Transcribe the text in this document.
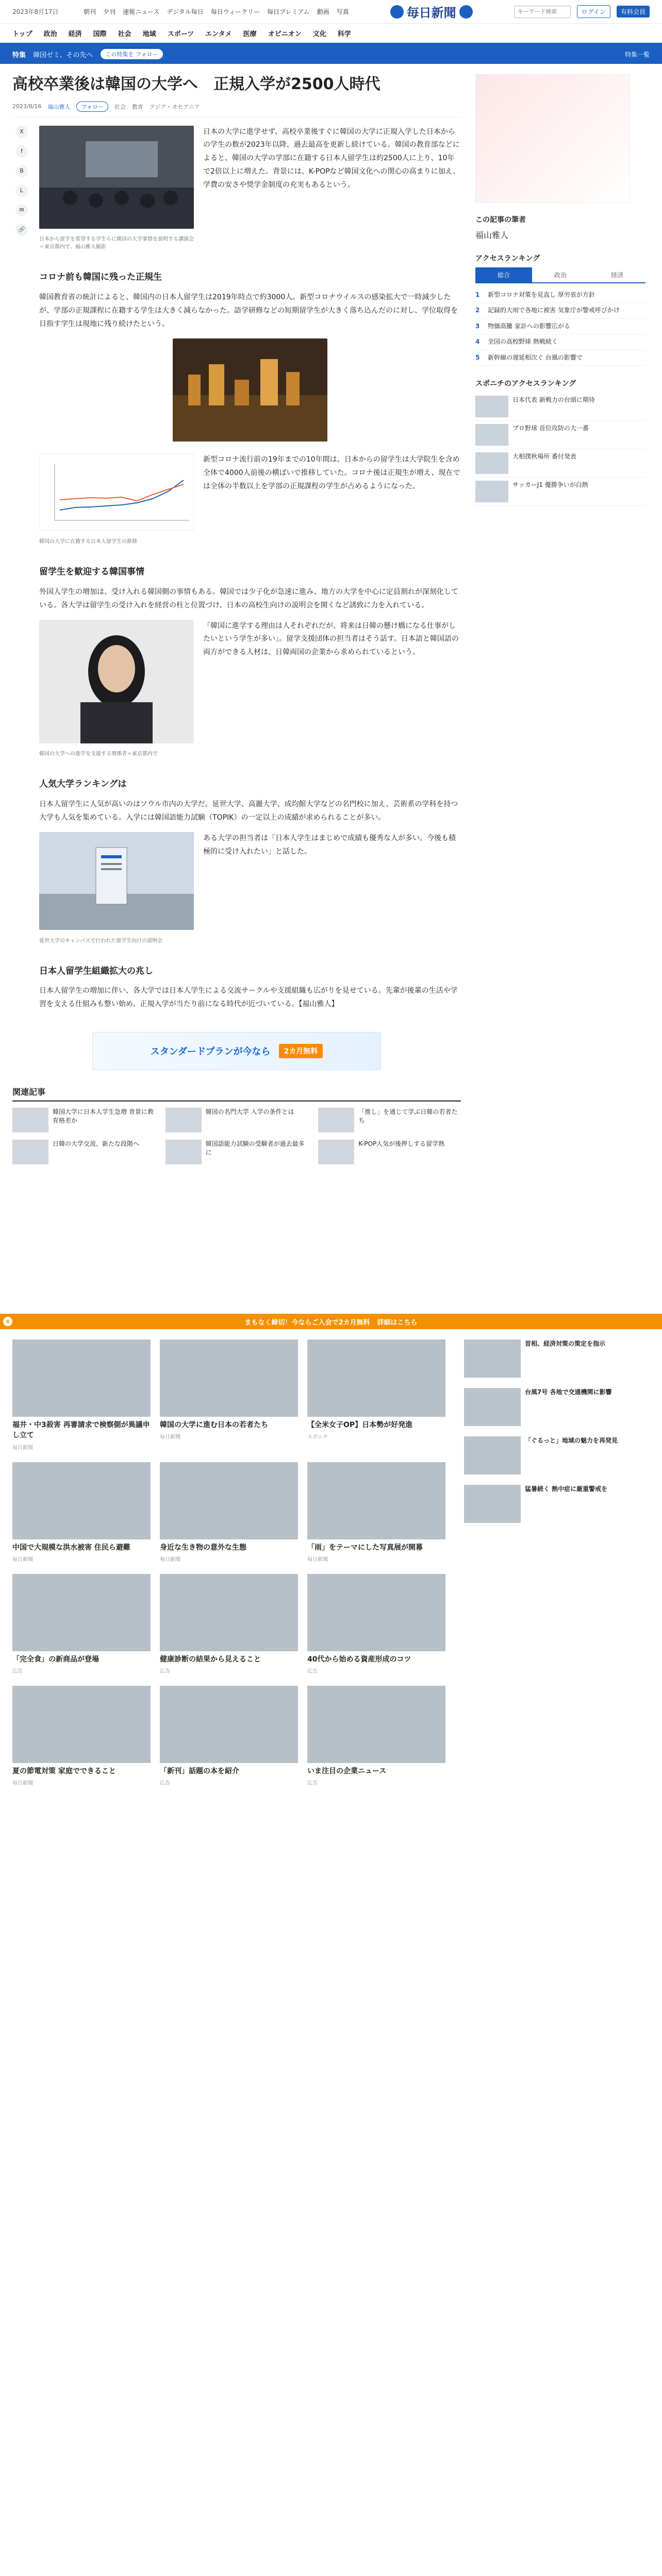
2023年8月17日	朝刊 夕刊 速報ニュース デジタル毎日 毎日ウィークリー 毎日プレミアム 動画 写真	毎日新聞
キーワード検索	ログイン	有料会員
トップ 政治 経済 国際 社会 地域 スポーツ エンタメ 医療 オピニオン 文化 科学
特集 韓国ゼミ、その先へ	この特集を フォロー	特集一覧
高校卒業後は韓国の大学へ　正規入学が2500人時代
2023/8/16 福山雅人	フォロー	社会 教育 アジア・オセアニア
X
f
B
L
✉
🔗
日本から留学を希望する学生らに韓国の大学事情を説明する講演会＝東京都内で、福山雅人撮影

日本の大学に進学せず、高校卒業後すぐに韓国の大学に正規入学した日本からの学生の数が2023年以降、過去最高を更新し続けている。韓国の教育部などによると、韓国の大学の学部に在籍する日本人留学生は約2500人に上り、10年で2倍以上に増えた。背景には、K-POPなど韓国文化への関心の高まりに加え、学費の安さや奨学金制度の充実もあるという。

コロナ前も韓国に残った正規生

韓国教育省の統計によると、韓国内の日本人留学生は2019年時点で約3000人。新型コロナウイルスの感染拡大で一時減少したが、学部の正規課程に在籍する学生は大きく減らなかった。語学研修などの短期留学生が大きく落ち込んだのに対し、学位取得を目指す学生は現地に残り続けたという。

韓国の大学に在籍する日本人留学生の推移

新型コロナ流行前の19年までの10年間は、日本からの留学生は大学院生を含め全体で4000人前後の横ばいで推移していた。コロナ後は正規生が増え、現在では全体の半数以上を学部の正規課程の学生が占めるようになった。

留学生を歓迎する韓国事情

外国人学生の増加は、受け入れる韓国側の事情もある。韓国では少子化が急速に進み、地方の大学を中心に定員割れが深刻化している。各大学は留学生の受け入れを経営の柱と位置づけ、日本の高校生向けの説明会を開くなど誘致に力を入れている。

韓国の大学への進学を支援する関係者＝東京都内で

「韓国に進学する理由は人それぞれだが、将来は日韓の懸け橋になる仕事がしたいという学生が多い」。留学支援団体の担当者はそう話す。日本語と韓国語の両方ができる人材は、日韓両国の企業から求められているという。

人気大学ランキングは

日本人留学生に人気が高いのはソウル市内の大学だ。延世大学、高麗大学、成均館大学などの名門校に加え、芸術系の学科を持つ大学も人気を集めている。入学には韓国語能力試験（TOPIK）の一定以上の成績が求められることが多い。

延世大学のキャンパスで行われた留学生向けの説明会

ある大学の担当者は「日本人学生はまじめで成績も優秀な人が多い。今後も積極的に受け入れたい」と話した。

日本人留学生組織拡大の兆し

日本人留学生の増加に伴い、各大学では日本人学生による交流サークルや支援組織も広がりを見せている。先輩が後輩の生活や学習を支える仕組みも整い始め、正規入学が当たり前になる時代が近づいている。【福山雅人】

スタンダードプランが今なら	2カ月無料
関連記事
韓国大学に日本人学生急増 背景に教育格差か
韓国の名門大学 入学の条件とは	「推し」を通じて学ぶ日韓の若者たち
日韓の大学交流、新たな段階へ	韓国語能力試験の受験者が過去最多に
K-POP人気が後押しする留学熱
この記事の筆者
福山雅人
アクセスランキング
総合	政治	経済
1	新型コロナ対策を見直し 厚労省が方針
2	記録的大雨で各地に被害 気象庁が警戒呼びかけ
3	物価高騰 家計への影響広がる
4	全国の高校野球 熱戦続く
5	新幹線の遅延相次ぐ 台風の影響で
スポニチのアクセスランキング
日本代表 新戦力の台頭に期待
プロ野球 首位攻防の大一番
大相撲秋場所 番付発表
サッカーJ1 優勝争いが白熱
×	まもなく締切！今ならご入会で2カ月無料 詳細はこちら
福井・中3殺害 再審請求で検察側が異議申し立て
毎日新聞
韓国の大学に進む日本の若者たち
毎日新聞
【全米女子OP】日本勢が好発進
スポニチ
中国で大規模な洪水被害 住民ら避難
毎日新聞
身近な生き物の意外な生態
毎日新聞
「雨」をテーマにした写真展が開幕
毎日新聞
「完全食」の新商品が登場
広告
健康診断の結果から見えること
広告
40代から始める資産形成のコツ
広告
夏の節電対策 家庭でできること
毎日新聞
「新刊」話題の本を紹介
広告
いま注目の企業ニュース
広告
首相、経済対策の策定を指示
台風7号 各地で交通機関に影響
「ぐるっと」地域の魅力を再発見
猛暑続く 熱中症に厳重警戒を
